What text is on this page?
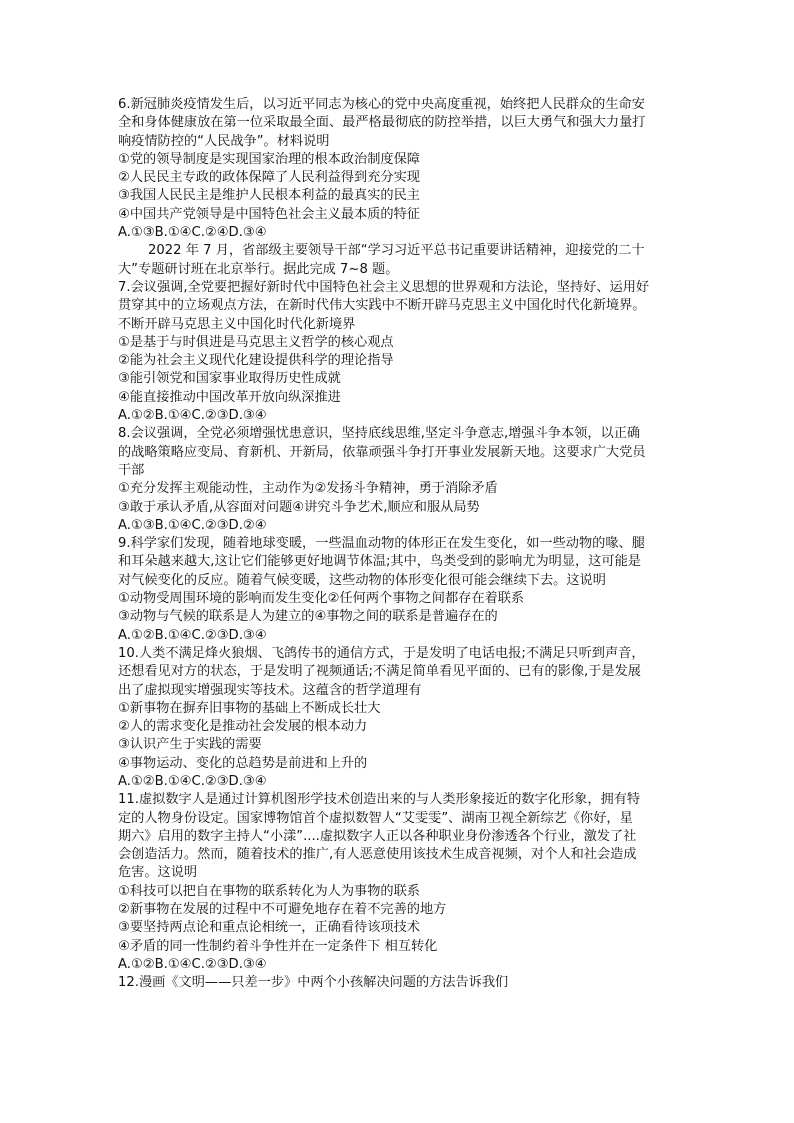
6.新冠肺炎疫情发生后，以习近平同志为核心的党中央高度重视，始终把人民群众的生命安
全和身体健康放在第一位采取最全面、最严格最彻底的防控举措，以巨大勇气和强大力量打
响疫情防控的“人民战争”。材料说明
①党的领导制度是实现国家治理的根本政治制度保障
②人民民主专政的政体保障了人民利益得到充分实现
③我国人民民主是维护人民根本利益的最真实的民主
④中国共产党领导是中国特色社会主义最本质的特征
A.①③B.①④C.②④D.③④
2022 年 7 月，省部级主要领导干部“学习习近平总书记重要讲话精神，迎接党的二十
大”专题研讨班在北京举行。据此完成 7~8 题。
7.会议强调,全党要把握好新时代中国特色社会主义思想的世界观和方法论，坚持好、运用好
贯穿其中的立场观点方法，在新时代伟大实践中不断开辟马克思主义中国化时代化新境界。
不断开辟马克思主义中国化时代化新境界
①是基于与时俱进是马克思主义哲学的核心观点
②能为社会主义现代化建设提供科学的理论指导
③能引领党和国家事业取得历史性成就
④能直接推动中国改革开放向纵深推进
A.①②B.①④C.②③D.③④
8.会议强调，全党必须增强忧患意识，坚持底线思维,坚定斗争意志,增强斗争本领，以正确
的战略策略应变局、育新机、开新局，依靠顽强斗争打开事业发展新天地。这要求广大党员
干部
①充分发挥主观能动性，主动作为②发扬斗争精神，勇于消除矛盾
③敢于承认矛盾,从容面对问题④讲究斗争艺术,顺应和服从局势
A.①③B.①④C.②③D.②④
9.科学家们发现，随着地球变暖，一些温血动物的体形正在发生变化，如一些动物的喙、腿
和耳朵越来越大,这让它们能够更好地调节体温;其中，鸟类受到的影响尤为明显，这可能是
对气候变化的反应。随着气候变暖，这些动物的体形变化很可能会继续下去。这说明
①动物受周围环境的影响而发生变化②任何两个事物之间都存在着联系
③动物与气候的联系是人为建立的④事物之间的联系是普遍存在的
A.①②B.①④C.②③D.③④
10.人类不满足烽火狼烟、飞鸽传书的通信方式，于是发明了电话电报;不满足只听到声音，
还想看见对方的状态，于是发明了视频通话;不满足简单看见平面的、已有的影像,于是发展
出了虚拟现实增强现实等技术。这蕴含的哲学道理有
①新事物在摒弃旧事物的基础上不断成长壮大
②人的需求变化是推动社会发展的根本动力
③认识产生于实践的需要
④事物运动、变化的总趋势是前进和上升的
A.①②B.①④C.②③D.③④
11.虚拟数字人是通过计算机图形学技术创造出来的与人类形象接近的数字化形象，拥有特
定的人物身份设定。国家博物馆首个虚拟数智人“艾雯雯”、湖南卫视全新综艺《你好，星
期六》启用的数字主持人“小漾”....虚拟数字人正以各种职业身份渗透各个行业，激发了社
会创造活力。然而，随着技术的推广,有人恶意使用该技术生成音视频，对个人和社会造成
危害。这说明
①科技可以把自在事物的联系转化为人为事物的联系
②新事物在发展的过程中不可避免地存在着不完善的地方
③要坚持两点论和重点论相统一，正确看待该项技术
④矛盾的同一性制约着斗争性并在一定条件下 相互转化
A.①②B.①④C.②③D.③④
12.漫画《文明——只差一步》中两个小孩解决问题的方法告诉我们
